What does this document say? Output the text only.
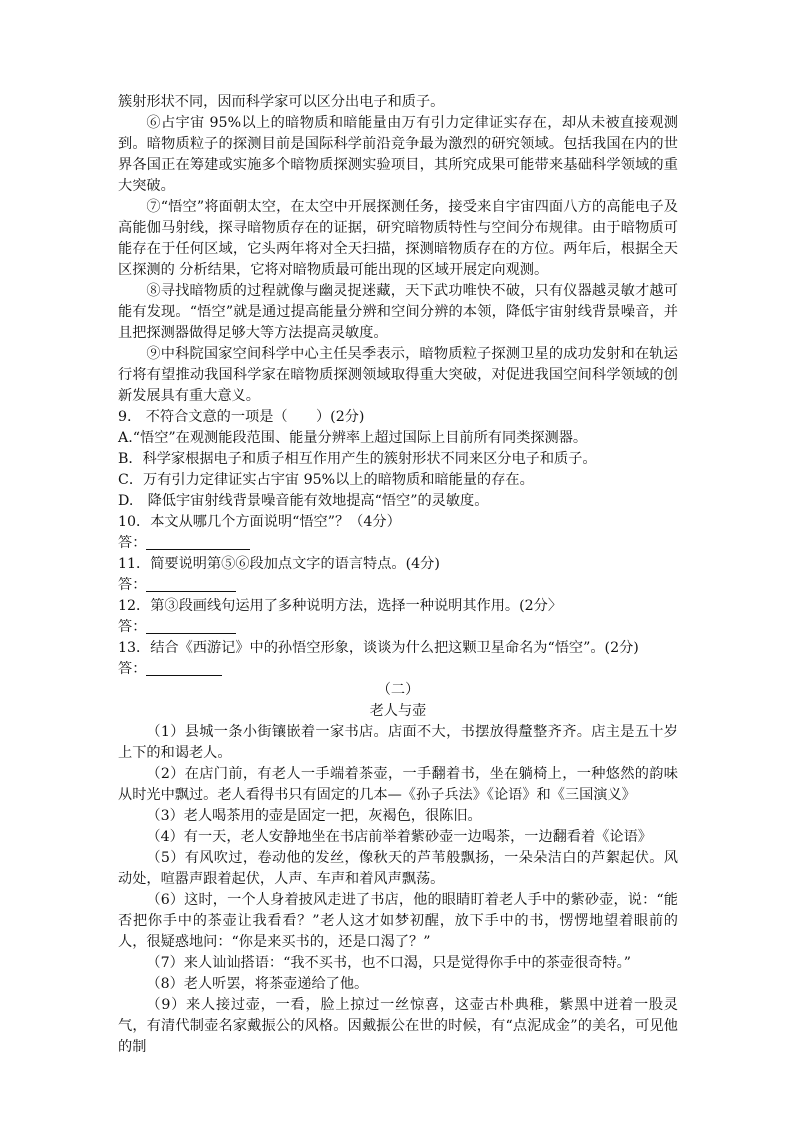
簇射形状不同，因而科学家可以区分出电子和质子。

⑥占宇宙 95%以上的暗物质和暗能量由万有引力定律证实存在，却从未被直接观测到。暗物质粒子的探测目前是国际科学前沿竞争最为激烈的研究领域。包括我国在内的世界各国正在筹建或实施多个暗物质探测实验项目，其所究成果可能带来基础科学领域的重大突破。

⑦“悟空”将面朝太空，在太空中开展探测任务，接受来自宇宙四面八方的高能电子及高能伽马射线，探寻暗物质存在的证据，研究暗物质特性与空间分布规律。由于暗物质可能存在于任何区域，它头两年将对全天扫描，探测暗物质存在的方位。两年后，根据全天区探测的 分析结果，它将对暗物质最可能出现的区域开展定向观测。

⑧寻找暗物质的过程就像与幽灵捉迷藏，天下武功唯快不破，只有仪器越灵敏才越可能有发现。“悟空”就是通过提高能量分辨和空间分辨的本领，降低宇宙射线背景噪音，并且把探测器做得足够大等方法提高灵敏度。

⑨中科院国家空间科学中心主任吴季表示，暗物质粒子探测卫星的成功发射和在轨运行将有望推动我国科学家在暗物质探测领域取得重大突破，对促进我国空间科学领域的创新发展具有重大意义。

9.　不符合文意的一项是（　　）(2分)

A.“悟空”在观测能段范围、能量分辨率上超过国际上目前所有同类探测器。

B．科学家根据电子和质子相互作用产生的簇射形状不同来区分电子和质子。

C．万有引力定律证实占宇宙 95%以上的暗物质和暗能量的存在。

D.　降低宇宙射线背景噪音能有效地提高“悟空”的灵敏度。

10．本文从哪几个方面说明“悟空”？（4分）

答：

11．简要说明第⑤⑥段加点文字的语言特点。(4分)

答：

12．第③段画线句运用了多种说明方法，选择一种说明其作用。(2分〉

答：

13．结合《西游记》中的孙悟空形象，谈谈为什么把这颗卫星命名为“悟空”。(2分)

答：

（二）

老人与壶

（1）县城一条小街镶嵌着一家书店。店面不大，书摆放得釐整齐齐。店主是五十岁上下的和谒老人。

（2）在店门前，有老人一手端着茶壶，一手翻着书，坐在躺椅上，一种悠然的韵味从时光中飘过。老人看得书只有固定的几本—《孙子兵法》《论语》和《三国演义》

（3）老人喝茶用的壶是固定一把，灰褐色，很陈旧。

（4）有一天，老人安静地坐在书店前举着紫砂壶一边喝茶，一边翻看着《论语》

（5）有风吹过，卷动他的发丝，像秋天的芦苇般飘扬，一朵朵洁白的芦絮起伏。风动处，喧嚣声跟着起伏，人声、车声和着风声飘荡。

（6）这时，一个人身着披风走进了书店，他的眼睛盯着老人手中的紫砂壶，说：“能否把你手中的茶壶让我看看？”老人这才如梦初醒，放下手中的书，愣愣地望着眼前的人，很疑惑地问：“你是来买书的，还是口渴了？”

（7）来人讪讪搭语：“我不买书，也不口渴，只是觉得你手中的茶壶很奇特。”

（8）老人听罢，将茶壶递给了他。

（9）来人接过壶，一看，脸上掠过一丝惊喜，这壶古朴典稚，紫黑中迸着一股灵气，有清代制壶名家戴振公的风格。因戴振公在世的时候，有“点泥成金”的美名，可见他的制
